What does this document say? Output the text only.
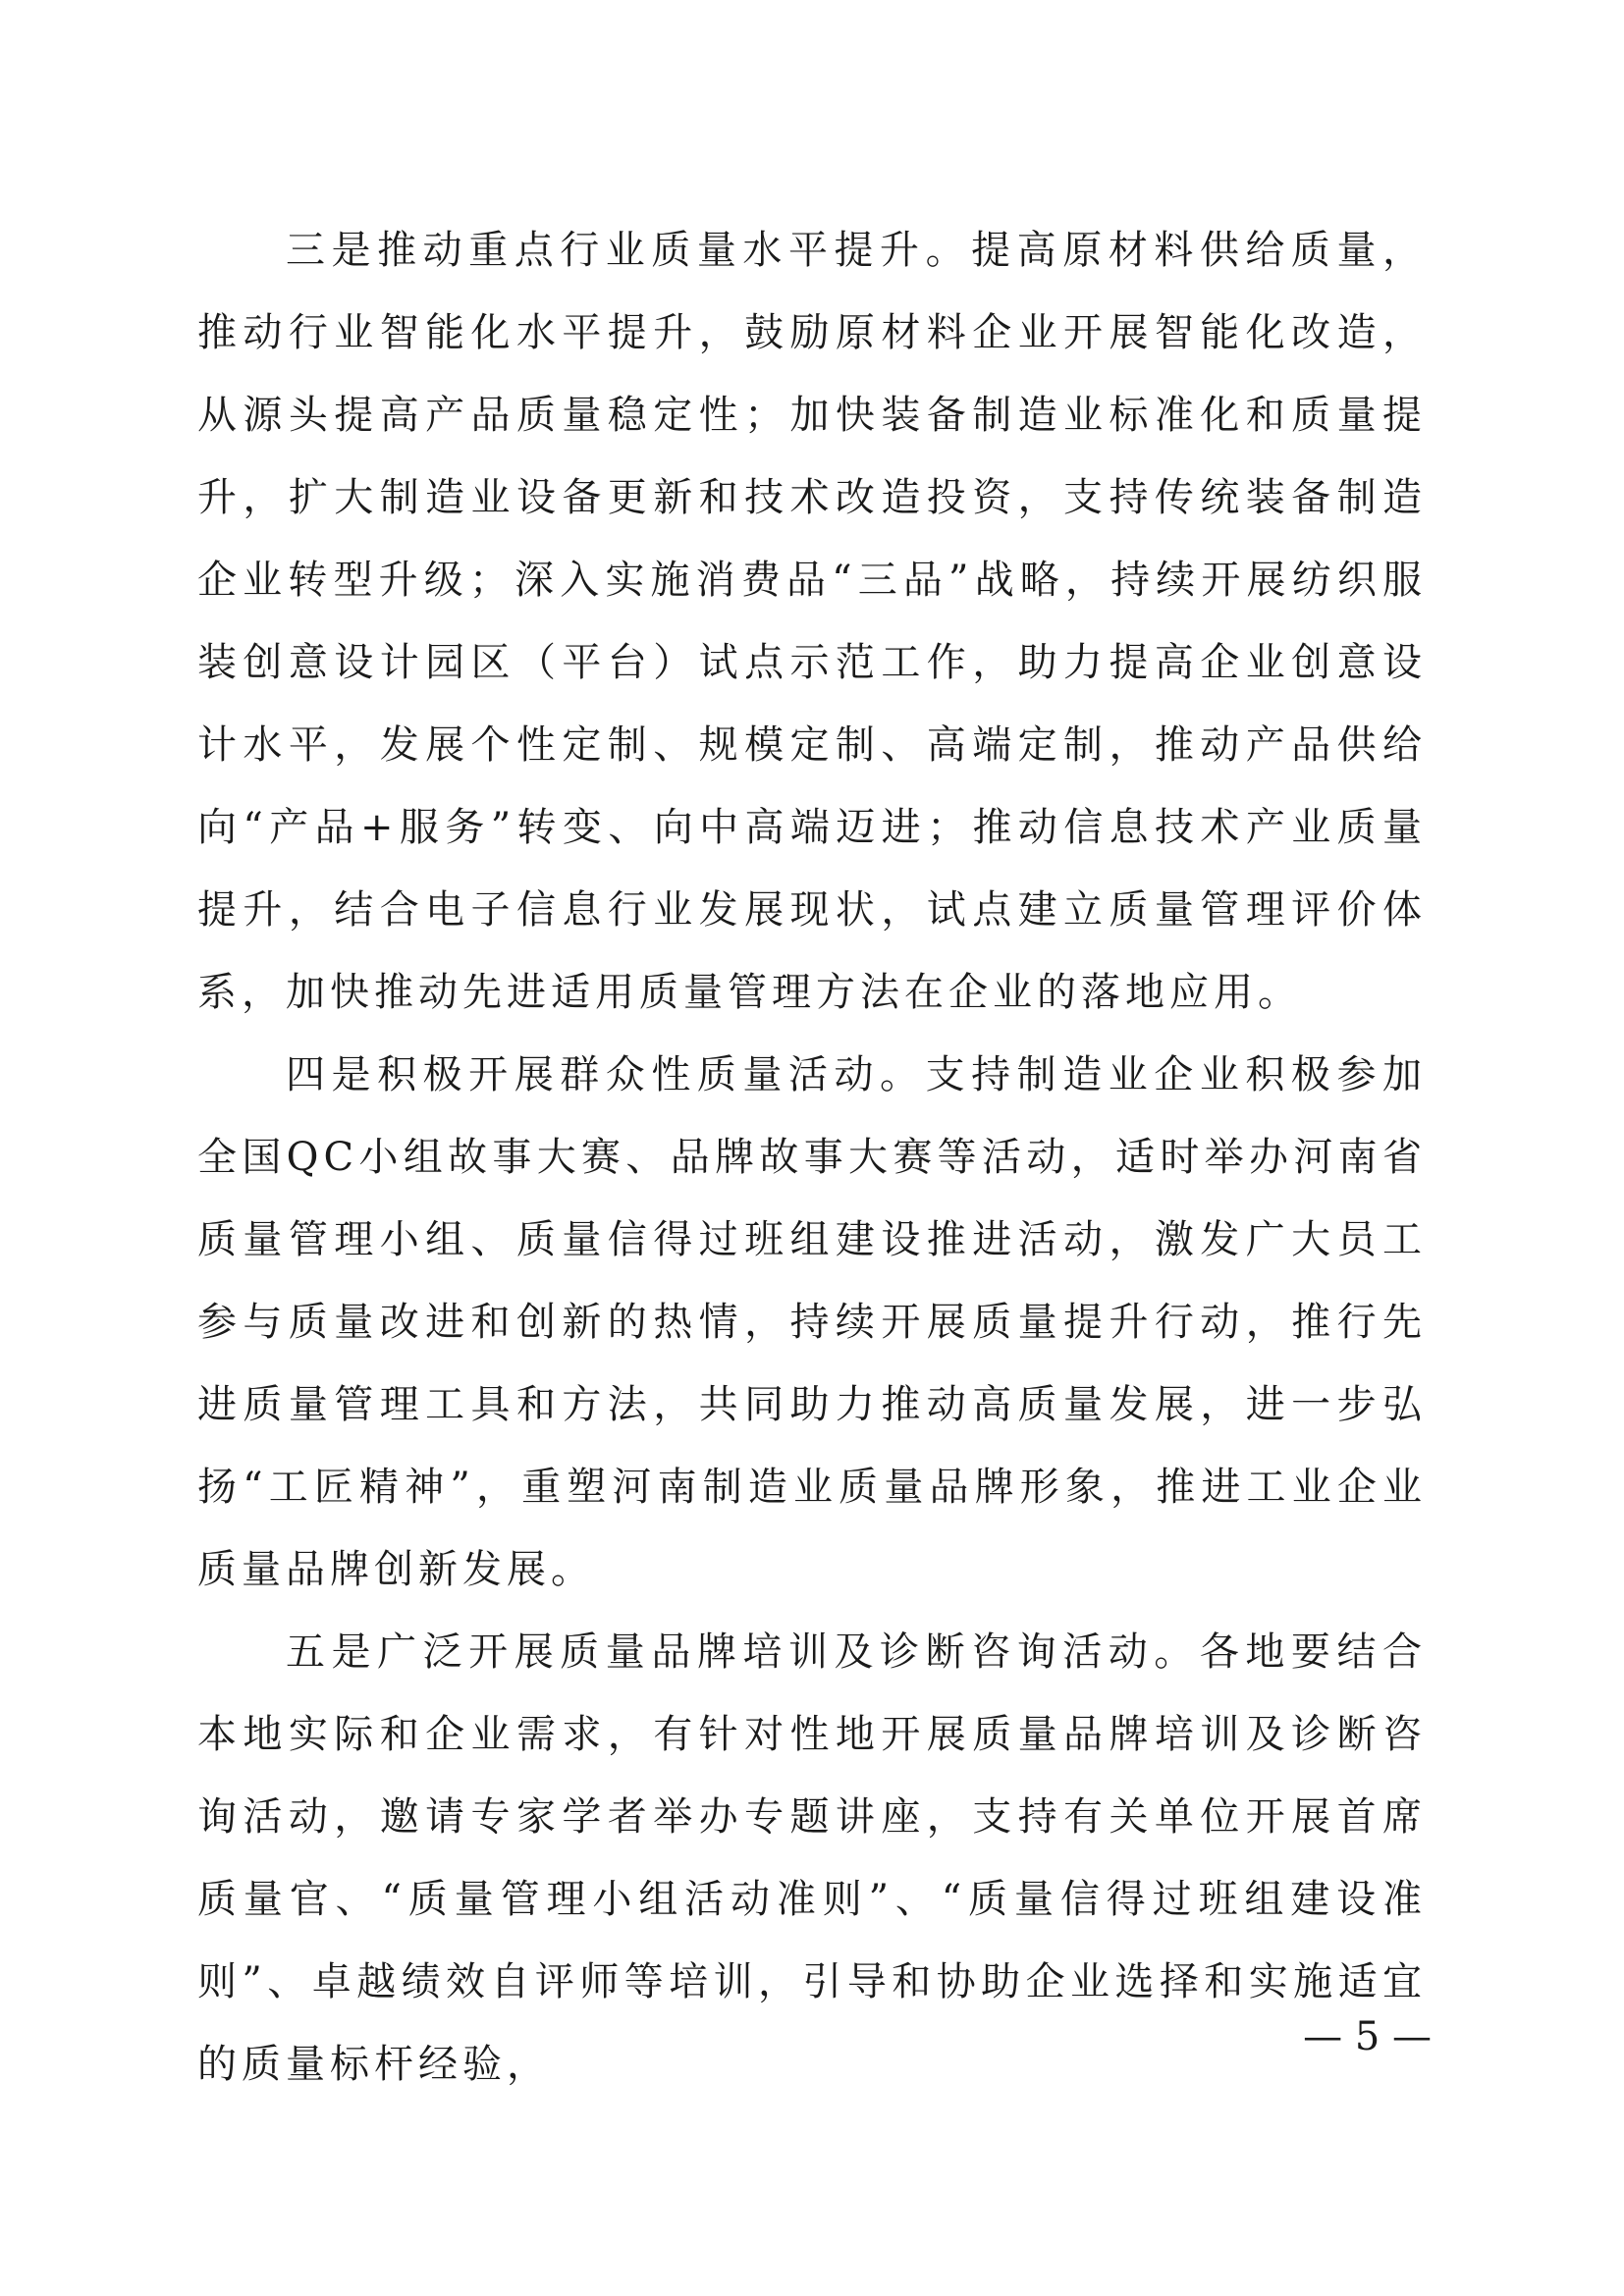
三是推动重点行业质量水平提升。提高原材料供给质量，推动行业智能化水平提升，鼓励原材料企业开展智能化改造，从源头提高产品质量稳定性；加快装备制造业标准化和质量提升，扩大制造业设备更新和技术改造投资，支持传统装备制造企业转型升级；深入实施消费品“三品”战略，持续开展纺织服装创意设计园区（平台）试点示范工作，助力提高企业创意设计水平，发展个性定制、规模定制、高端定制，推动产品供给向“产品+服务”转变、向中高端迈进；推动信息技术产业质量提升，结合电子信息行业发展现状，试点建立质量管理评价体系，加快推动先进适用质量管理方法在企业的落地应用。

四是积极开展群众性质量活动。支持制造业企业积极参加全国QC小组故事大赛、品牌故事大赛等活动，适时举办河南省质量管理小组、质量信得过班组建设推进活动，激发广大员工参与质量改进和创新的热情，持续开展质量提升行动，推行先进质量管理工具和方法，共同助力推动高质量发展，进一步弘扬“工匠精神”，重塑河南制造业质量品牌形象，推进工业企业质量品牌创新发展。

五是广泛开展质量品牌培训及诊断咨询活动。各地要结合本地实际和企业需求，有针对性地开展质量品牌培训及诊断咨询活动，邀请专家学者举办专题讲座，支持有关单位开展首席质量官、“质量管理小组活动准则”、“质量信得过班组建设准则”、卓越绩效自评师等培训，引导和协助企业选择和实施适宜的质量标杆经验，

— 5 —
